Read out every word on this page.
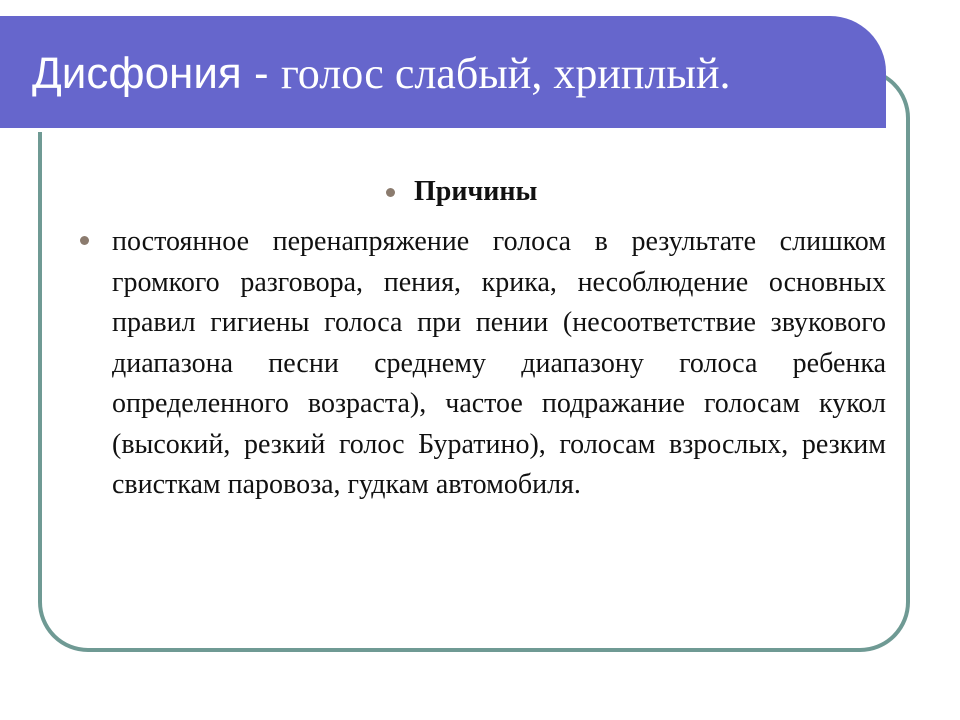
Дисфония - голос слабый, хриплый.
Причины
постоянное перенапряжение голоса в результате слишком громкого разговора, пения, крика, несоблюдение основных правил гигиены голоса при пении (несоответствие звукового диапазона песни среднему диапазону голоса ребенка определенного возраста), частое подражание голосам кукол (высокий, резкий голос Буратино), голосам взрослых, резким свисткам паровоза, гудкам автомобиля.
